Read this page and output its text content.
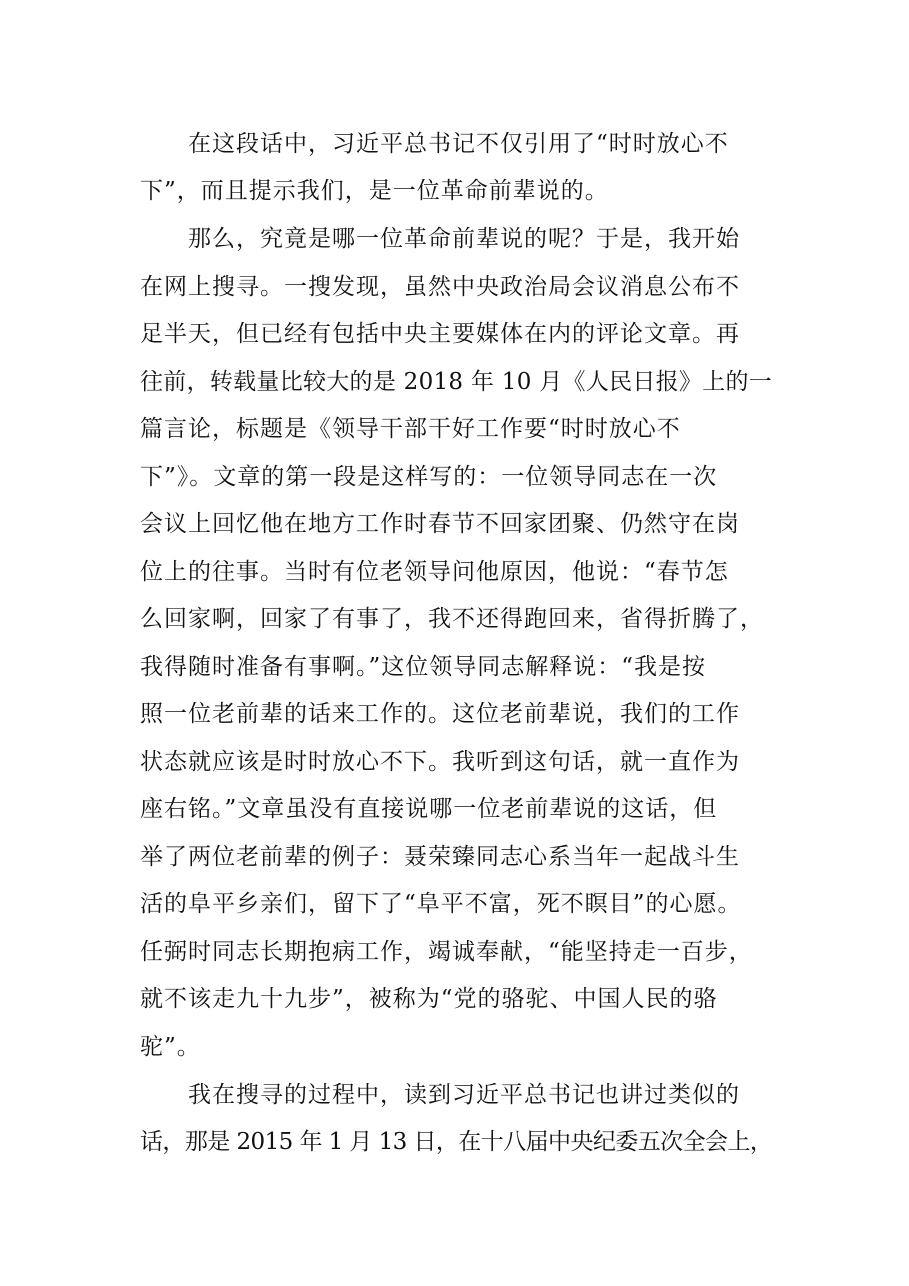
在这段话中，习近平总书记不仅引用了“时时放心不
下”，而且提示我们，是一位革命前辈说的。
那么，究竟是哪一位革命前辈说的呢？于是，我开始
在网上搜寻。一搜发现，虽然中央政治局会议消息公布不
足半天，但已经有包括中央主要媒体在内的评论文章。再
往前，转载量比较大的是 2018 年 10 月《人民日报》上的一
篇言论，标题是《领导干部干好工作要“时时放心不
下”》。文章的第一段是这样写的：一位领导同志在一次
会议上回忆他在地方工作时春节不回家团聚、仍然守在岗
位上的往事。当时有位老领导问他原因，他说：“春节怎
么回家啊，回家了有事了，我不还得跑回来，省得折腾了，
我得随时准备有事啊。”这位领导同志解释说：“我是按
照一位老前辈的话来工作的。这位老前辈说，我们的工作
状态就应该是时时放心不下。我听到这句话，就一直作为
座右铭。”文章虽没有直接说哪一位老前辈说的这话，但
举了两位老前辈的例子：聂荣臻同志心系当年一起战斗生
活的阜平乡亲们，留下了“阜平不富，死不瞑目”的心愿。
任弼时同志长期抱病工作，竭诚奉献，“能坚持走一百步，
就不该走九十九步”，被称为“党的骆驼、中国人民的骆
驼”。
我在搜寻的过程中，读到习近平总书记也讲过类似的
话，那是 2015 年 1 月 13 日，在十八届中央纪委五次全会上，
